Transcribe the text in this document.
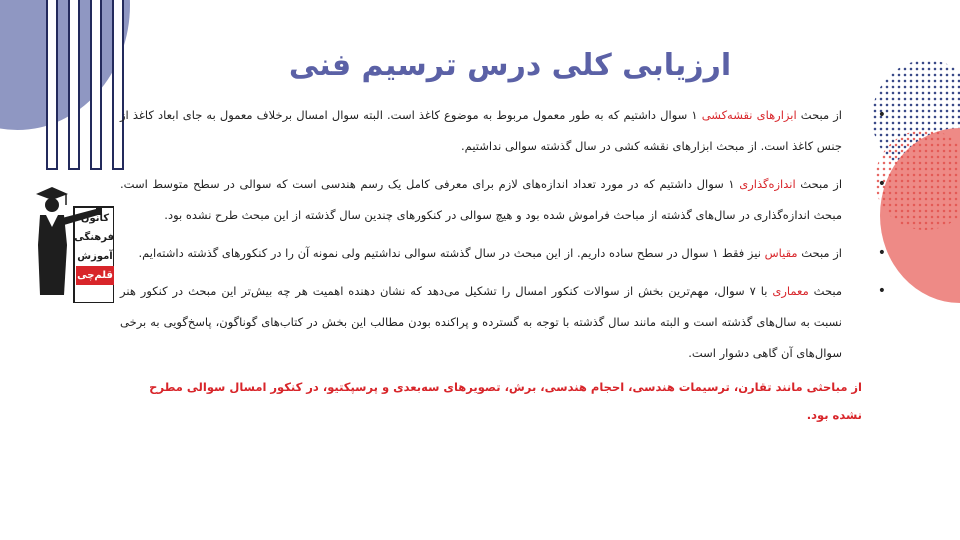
ارزیابی کلی درس ترسیم فنی
کانون
فرهنگی
آموزش
قلم‌چی
• از مبحث ابزارهای نقشه‌کشی ۱ سوال داشتیم که به طور معمول مربوط به موضوع کاغذ است. البته سوال امسال برخلاف معمول به جای ابعاد کاغذ از جنس کاغذ است. از مبحث ابزارهای نقشه کشی در سال گذشته سوالی نداشتیم.
• از مبحث اندازه‌گذاری ۱ سوال داشتیم که در مورد تعداد اندازه‌های لازم برای معرفی کامل یک رسم هندسی است که سوالی در سطح متوسط است. مبحث اندازه‌گذاری در سال‌های گذشته از مباحث فراموش شده بود و هیچ سوالی در کنکورهای چندین سال گذشته از این مبحث طرح نشده بود.
• از مبحث مقیاس نیز فقط ۱ سوال در سطح ساده داریم. از این مبحث در سال گذشته سوالی نداشتیم ولی نمونه آن را در کنکورهای گذشته داشته‌ایم.
• مبحث معماری با ۷ سوال، مهم‌ترین بخش از سوالات کنکور امسال را تشکیل می‌دهد که نشان دهنده اهمیت هر چه بیش‌تر این مبحث در کنکور هنر نسبت به سال‌های گذشته است و البته مانند سال گذشته با توجه به گسترده و پراکنده بودن مطالب این بخش در کتاب‌های گوناگون، پاسخ‌گویی به برخی سوال‌های آن گاهی دشوار است.
از مباحثی مانند تقارن، ترسیمات هندسی، احجام هندسی، برش، تصویرهای سه‌بعدی و پرسپکتیو، در کنکور امسال سوالی مطرح نشده بود.
